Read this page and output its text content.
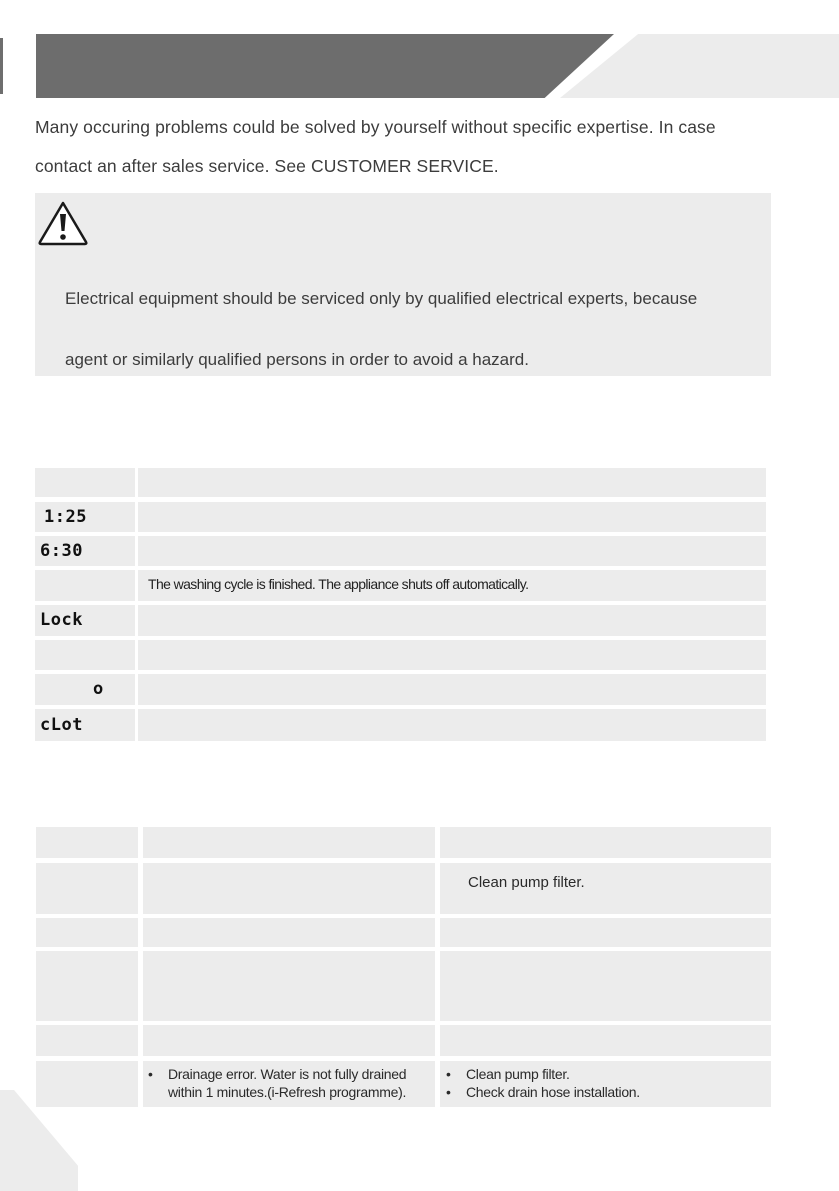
Many occuring problems could be solved by yourself without specific expertise. In case
contact an after sales service. See CUSTOMER SERVICE.
Electrical equipment should be serviced only by qualified electrical experts, because
agent or similarly qualified persons in order to avoid a hazard.
1:25
6:30
The washing cycle is finished. The appliance shuts off automatically.
Lock
o
cLot
Clean pump filter.
• Drainage error. Water is not fully drained
within 1 minutes.(i-Refresh programme).
• Clean pump filter.
• Check drain hose installation.
